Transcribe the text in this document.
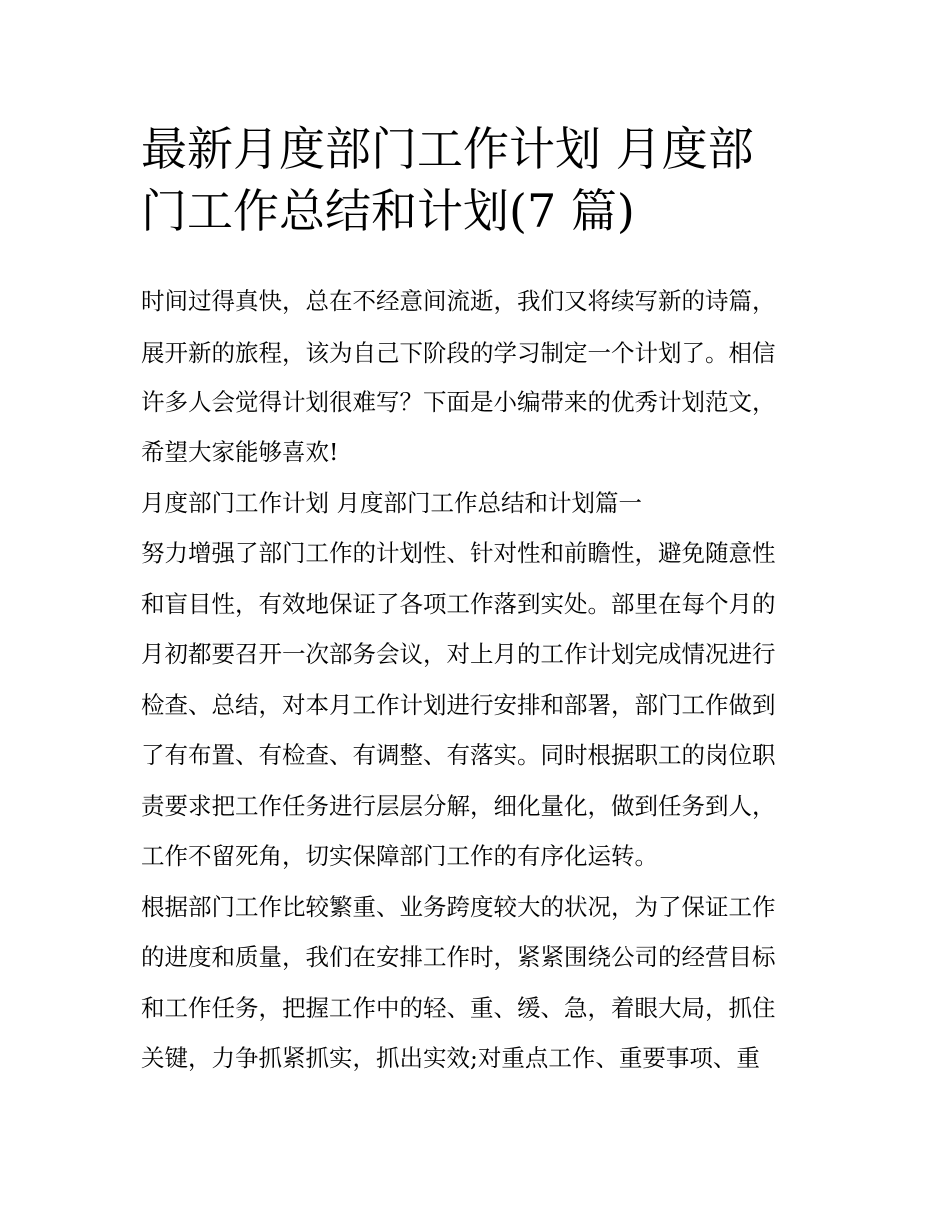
最新月度部门工作计划 月度部
门工作总结和计划(7 篇)

时间过得真快，总在不经意间流逝，我们又将续写新的诗篇，

展开新的旅程，该为自己下阶段的学习制定一个计划了。相信

许多人会觉得计划很难写？下面是小编带来的优秀计划范文，

希望大家能够喜欢!

月度部门工作计划 月度部门工作总结和计划篇一

努力增强了部门工作的计划性、针对性和前瞻性，避免随意性

和盲目性，有效地保证了各项工作落到实处。部里在每个月的

月初都要召开一次部务会议，对上月的工作计划完成情况进行

检查、总结，对本月工作计划进行安排和部署，部门工作做到

了有布置、有检查、有调整、有落实。同时根据职工的岗位职

责要求把工作任务进行层层分解，细化量化，做到任务到人，

工作不留死角，切实保障部门工作的有序化运转。

根据部门工作比较繁重、业务跨度较大的状况，为了保证工作

的进度和质量，我们在安排工作时，紧紧围绕公司的经营目标

和工作任务，把握工作中的轻、重、缓、急，着眼大局，抓住

关键，力争抓紧抓实，抓出实效;对重点工作、重要事项、重
